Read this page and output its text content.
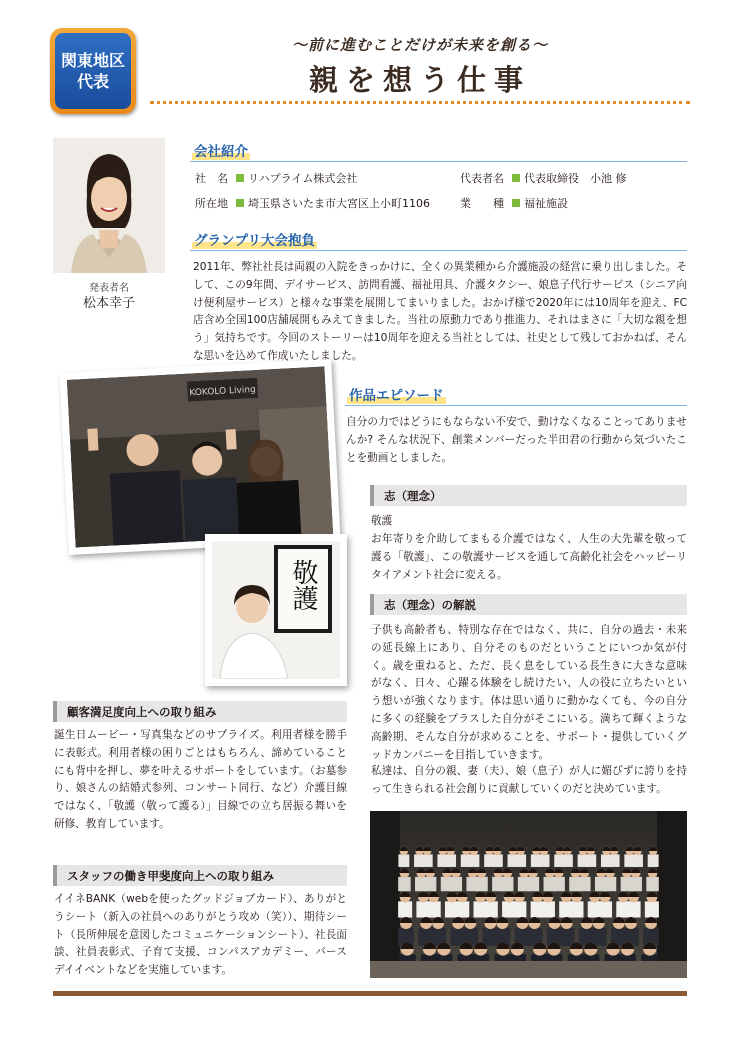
関東地区
代表
～前に進むことだけが未来を創る～
親を想う仕事
発表者名
松本幸子
会社紹介
社　名 リハプライム株式会社	代表者名 代表取締役　小池 修
所在地 埼玉県さいたま市大宮区上小町1106	業　　種 福祉施設
グランプリ大会抱負
2011年、弊社社長は両親の入院をきっかけに、全くの異業種から介護施設の経営に乗り出しました。そして、この9年間、デイサービス、訪問看護、福祉用具、介護タクシー、娘息子代行サービス（シニア向け便利屋サービス）と様々な事業を展開してまいりました。おかげ様で2020年には10周年を迎え、FC店含め全国100店舗展開もみえてきました。当社の原動力であり推進力、それはまさに「大切な親を想う」気持ちです。今回のストーリーは10周年を迎える当社としては、社史として残しておかねば、そんな思いを込めて作成いたしました。
KOKOLO Living
敬護
作品エピソード
自分の力ではどうにもならない不安で、動けなくなることってありませんか? そんな状況下、創業メンバーだった半田君の行動から気づいたことを動画としました。
志（理念）
敬護
お年寄りを介助してまもる介護ではなく、人生の大先輩を敬って護る「敬護」、この敬護サービスを通して高齢化社会をハッピーリタイアメント社会に変える。
志（理念）の解説
子供も高齢者も、特別な存在ではなく、共に、自分の過去・未来の延長線上にあり、自分そのものだということにいつか気が付く。歳を重ねると、ただ、長く息をしている長生きに大きな意味がなく、日々、心躍る体験をし続けたい、人の役に立ちたいという想いが強くなります。体は思い通りに動かなくても、今の自分に多くの経験をプラスした自分がそこにいる。満ちて輝くような高齢期、そんな自分が求めることを、サポート・提供していくグッドカンパニーを目指していきます。
私達は、自分の親、妻（夫）、娘（息子）が人に媚びずに誇りを持って生きられる社会創りに貢献していくのだと決めています。
顧客満足度向上への取り組み
誕生日ムービー・写真集などのサプライズ。利用者様を勝手に表彰式。利用者様の困りごとはもちろん、諦めていることにも背中を押し、夢を叶えるサポートをしています。（お墓参り、娘さんの結婚式参列、コンサート同行、など）介護目線ではなく、「敬護（敬って護る）」目線での立ち居振る舞いを研修、教育しています。
スタッフの働き甲斐度向上への取り組み
イイネBANK（webを使ったグッドジョブカード）、ありがとうシート（新入の社員へのありがとう攻め（笑））、期待シート（長所伸展を意図したコミュニケーションシート）、社長面談、社員表彰式、子育て支援、コンパスアカデミー、バースデイイベントなどを実施しています。
